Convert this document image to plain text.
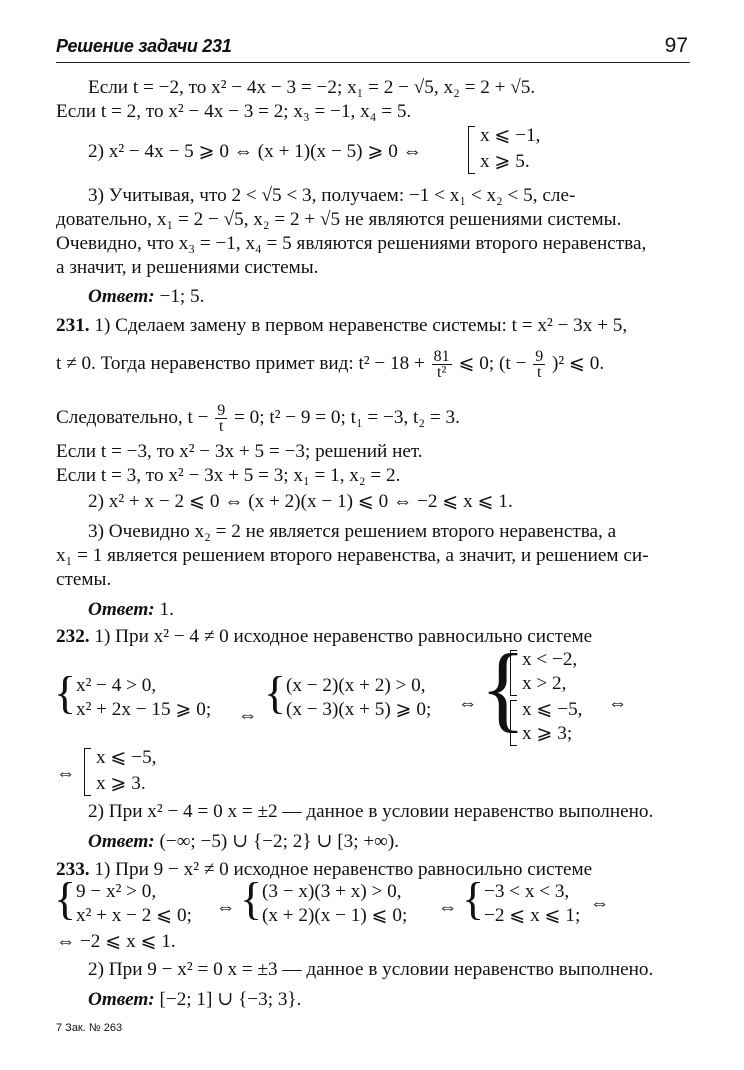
Решение задачи 231	97
Если t = −2, то x² − 4x − 3 = −2; x₁ = 2 − √5, x₂ = 2 + √5.
Если t = 2, то x² − 4x − 3 = 2; x₃ = −1, x₄ = 5.
2) x² − 4x − 5 ⩾ 0 ⇔ (x + 1)(x − 5) ⩾ 0 ⇔
x ⩽ −1,
x ⩾ 5.
3) Учитывая, что 2 < √5 < 3, получаем: −1 < x₁ < x₂ < 5, сле-
довательно, x₁ = 2 − √5, x₂ = 2 + √5 не являются решениями системы.
Очевидно, что x₃ = −1, x₄ = 5 являются решениями второго неравенства,
а значит, и решениями системы.
Ответ: −1; 5.
231. 1) Сделаем замену в первом неравенстве системы: t = x² − 3x + 5,
t ≠ 0. Тогда неравенство примет вид: $t^2 - 18 + \frac{81}{\text{t²}}$ ⩽ 0; $(t - \frac{9}{t} )^2$ ⩽ 0.
Следовательно, $t - \frac{9}{t} = 0$; t² − 9 = 0; t₁ = −3, t₂ = 3.
Если t = −3, то x² − 3x + 5 = −3; решений нет.
Если t = 3, то x² − 3x + 5 = 3; x₁ = 1, x₂ = 2.
2) x² + x − 2 ⩽ 0 ⇔ (x + 2)(x − 1) ⩽ 0 ⇔ −2 ⩽ x ⩽ 1.
3) Очевидно x₂ = 2 не является решением второго неравенства, а
x₁ = 1 является решением второго неравенства, а значит, и решением си-
стемы.
Ответ: 1.
232. 1) При x² − 4 ≠ 0 исходное неравенство равносильно системе
{ x² − 4 > 0,
x² + 2x − 15 ⩾ 0; ⇔ { (x − 2)(x + 2) > 0,
(x − 3)(x + 5) ⩾ 0; ⇔ {
x < −2,
x > 2,
x ⩽ −5,
x ⩾ 3;
⇔
⇔
x ⩽ −5,
x ⩾ 3.
2) При x² − 4 = 0 x = ±2 — данное в условии неравенство выполнено.
Ответ: (−∞; −5) ∪ {−2; 2} ∪ [3; +∞).
233. 1) При 9 − x² ≠ 0 исходное неравенство равносильно системе
{ 9 − x² > 0,
x² + x − 2 ⩽ 0; ⇔ { (3 − x)(3 + x) > 0,
(x + 2)(x − 1) ⩽ 0; ⇔ { −3 < x < 3,
−2 ⩽ x ⩽ 1;
⇔
⇔ −2 ⩽ x ⩽ 1.
2) При 9 − x² = 0 x = ±3 — данное в условии неравенство выполнено.
Ответ: [−2; 1] ∪ {−3; 3}.
7 Зак. № 263
